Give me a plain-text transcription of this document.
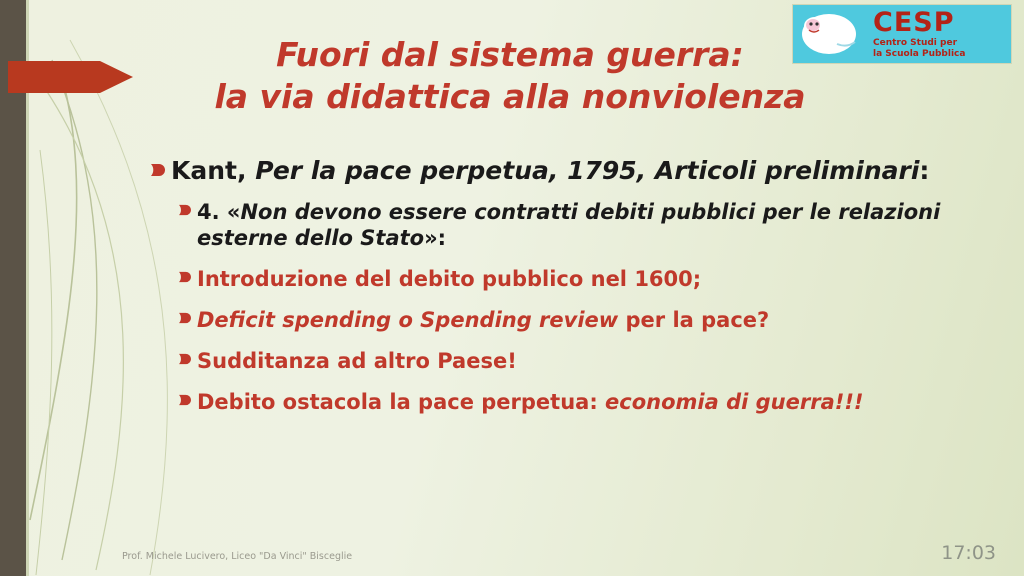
CESP
Centro Studi per
la Scuola Pubblica
Fuori dal sistema guerra:
la via didattica alla nonviolenza
Kant, Per la pace perpetua, 1795, Articoli preliminari:
4. «Non devono essere contratti debiti pubblici per le relazioni esterne dello Stato»:
Introduzione del debito pubblico nel 1600;
Deficit spending o Spending review per la pace?
Sudditanza ad altro Paese!
Debito ostacola la pace perpetua: economia di guerra!!!
Prof. Michele Lucivero, Liceo "Da Vinci" Bisceglie	17:03
